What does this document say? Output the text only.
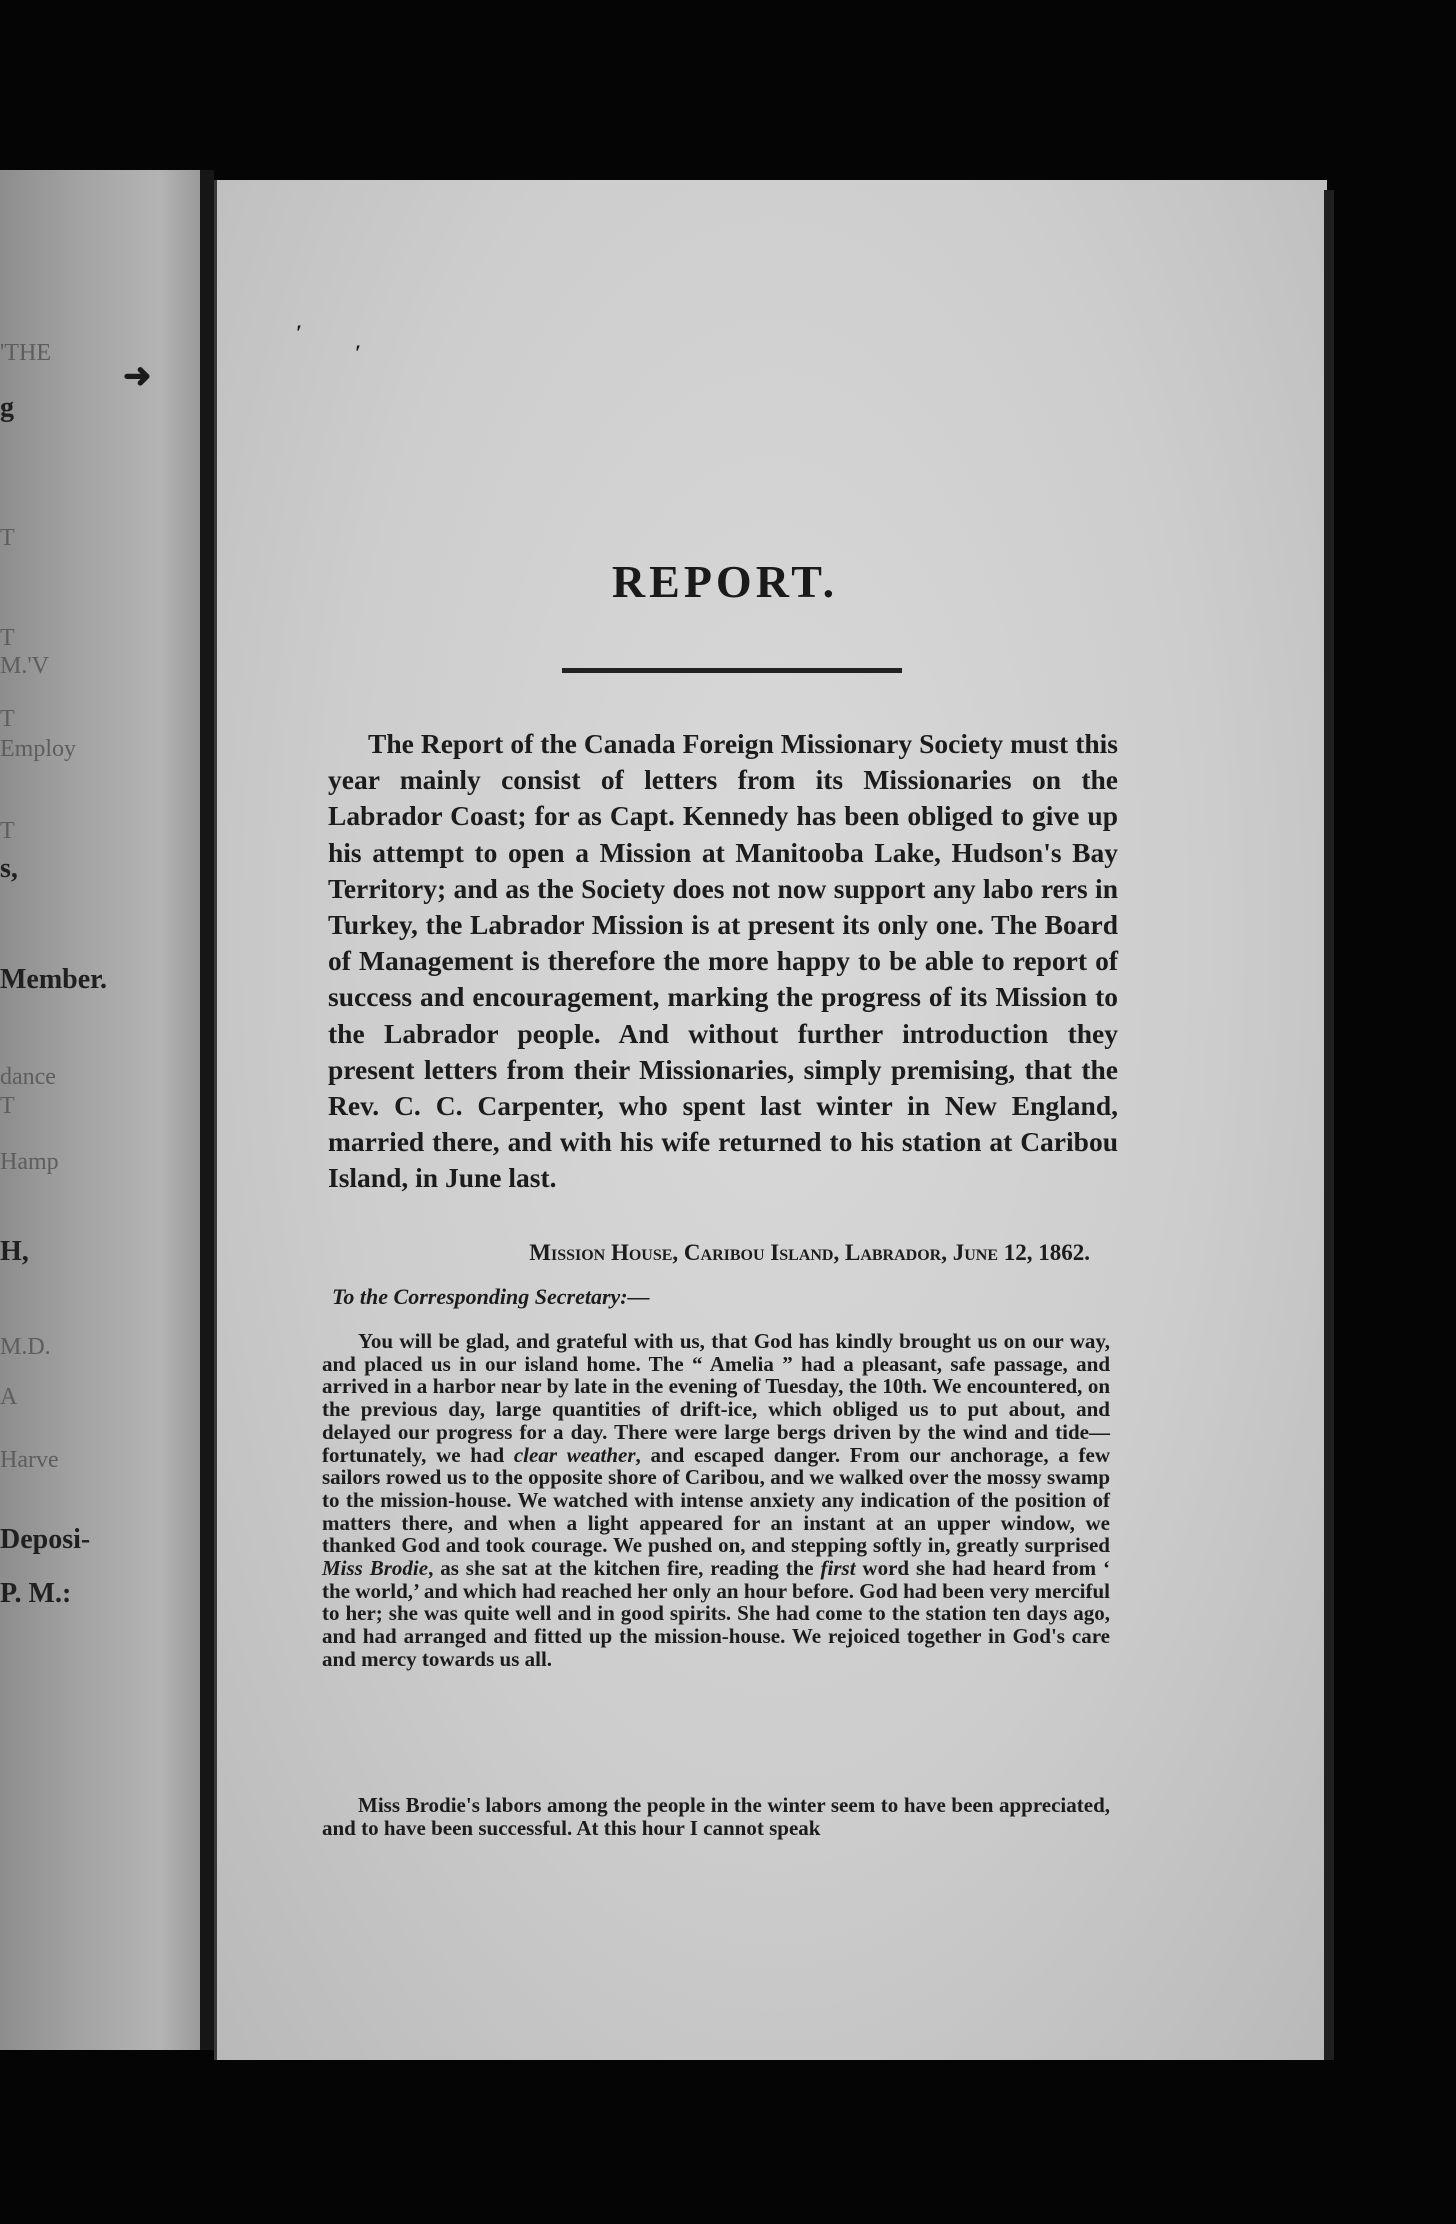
'THE

g

T

T

M.'V

T

Employ

T

s,

Member.

dance

T

Hamp

H,

M.D.

A

Harve

Deposi-

P. M.:

➜
′
′
REPORT.

The Report of the Canada Foreign Missionary Society must this year mainly consist of letters from its Missionaries on the Labrador Coast; for as Capt. Kennedy has been obliged to give up his attempt to open a Mission at Manitooba Lake, Hudson's Bay Territory; and as the Society does not now support any labo rers in Turkey, the Labrador Mission is at present its only one. The Board of Management is therefore the more happy to be able to report of success and encouragement, marking the progress of its Mission to the Labrador people. And without further introduction they present letters from their Missionaries, simply premising, that the Rev. C. C. Carpenter, who spent last winter in New England, married there, and with his wife returned to his station at Caribou Island, in June last.

Mission House, Caribou Island, Labrador, June 12, 1862.

To the Corresponding Secretary:—

You will be glad, and grateful with us, that God has kindly brought us on our way, and placed us in our island home. The “ Amelia ” had a pleasant, safe passage, and arrived in a harbor near by late in the evening of Tuesday, the 10th. We encountered, on the previous day, large quantities of drift-ice, which obliged us to put about, and delayed our progress for a day. There were large bergs driven by the wind and tide—fortunately, we had clear weather, and escaped danger. From our anchorage, a few sailors rowed us to the opposite shore of Caribou, and we walked over the mossy swamp to the mission-house. We watched with intense anxiety any indication of the position of matters there, and when a light appeared for an instant at an upper window, we thanked God and took courage. We pushed on, and stepping softly in, greatly surprised Miss Brodie, as she sat at the kitchen fire, reading the first word she had heard from ‘ the world,’ and which had reached her only an hour before. God had been very merciful to her; she was quite well and in good spirits. She had come to the station ten days ago, and had arranged and fitted up the mission-house. We rejoiced together in God's care and mercy towards us all.

Miss Brodie's labors among the people in the winter seem to have been appreciated, and to have been successful. At this hour I cannot speak
